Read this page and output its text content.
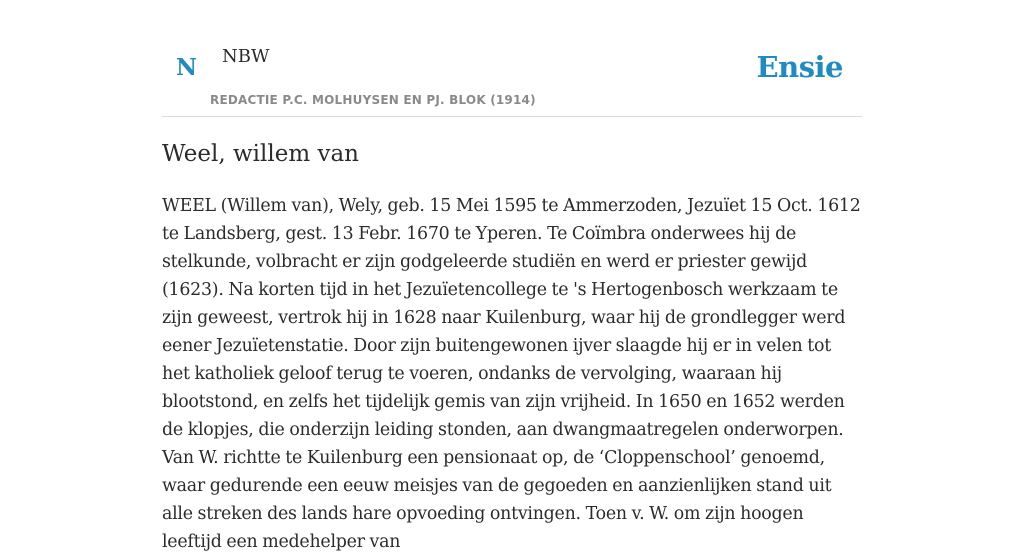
N NBW
REDACTIE P.C. MOLHUYSEN EN PJ. BLOK (1914)
Ensie
Weel, willem van

WEEL (Willem van), Wely, geb. 15 Mei 1595 te Ammerzoden, Jezuïet 15 Oct. 1612 te Landsberg, gest. 13 Febr. 1670 te Yperen. Te Coïmbra onderwees hij de stelkunde, volbracht er zijn godgeleerde studiën en werd er priester gewijd (1623). Na korten tijd in het Jezuïetencollege te 's Hertogenbosch werkzaam te zijn geweest, vertrok hij in 1628 naar Kuilenburg, waar hij de grondlegger werd eener Jezuïetenstatie. Door zijn buitengewonen ijver slaagde hij er in velen tot het katholiek geloof terug te voeren, ondanks de vervolging, waaraan hij blootstond, en zelfs het tijdelijk gemis van zijn vrijheid. In 1650 en 1652 werden de klopjes, die onderzijn leiding stonden, aan dwangmaatregelen onderworpen. Van W. richtte te Kuilenburg een pensionaat op, de ‘Cloppenschool’ genoemd, waar gedurende een eeuw meisjes van de gegoeden en aanzienlijken stand uit alle streken des lands hare opvoeding ontvingen. Toen v. W. om zijn hoogen leeftijd een medehelper van
